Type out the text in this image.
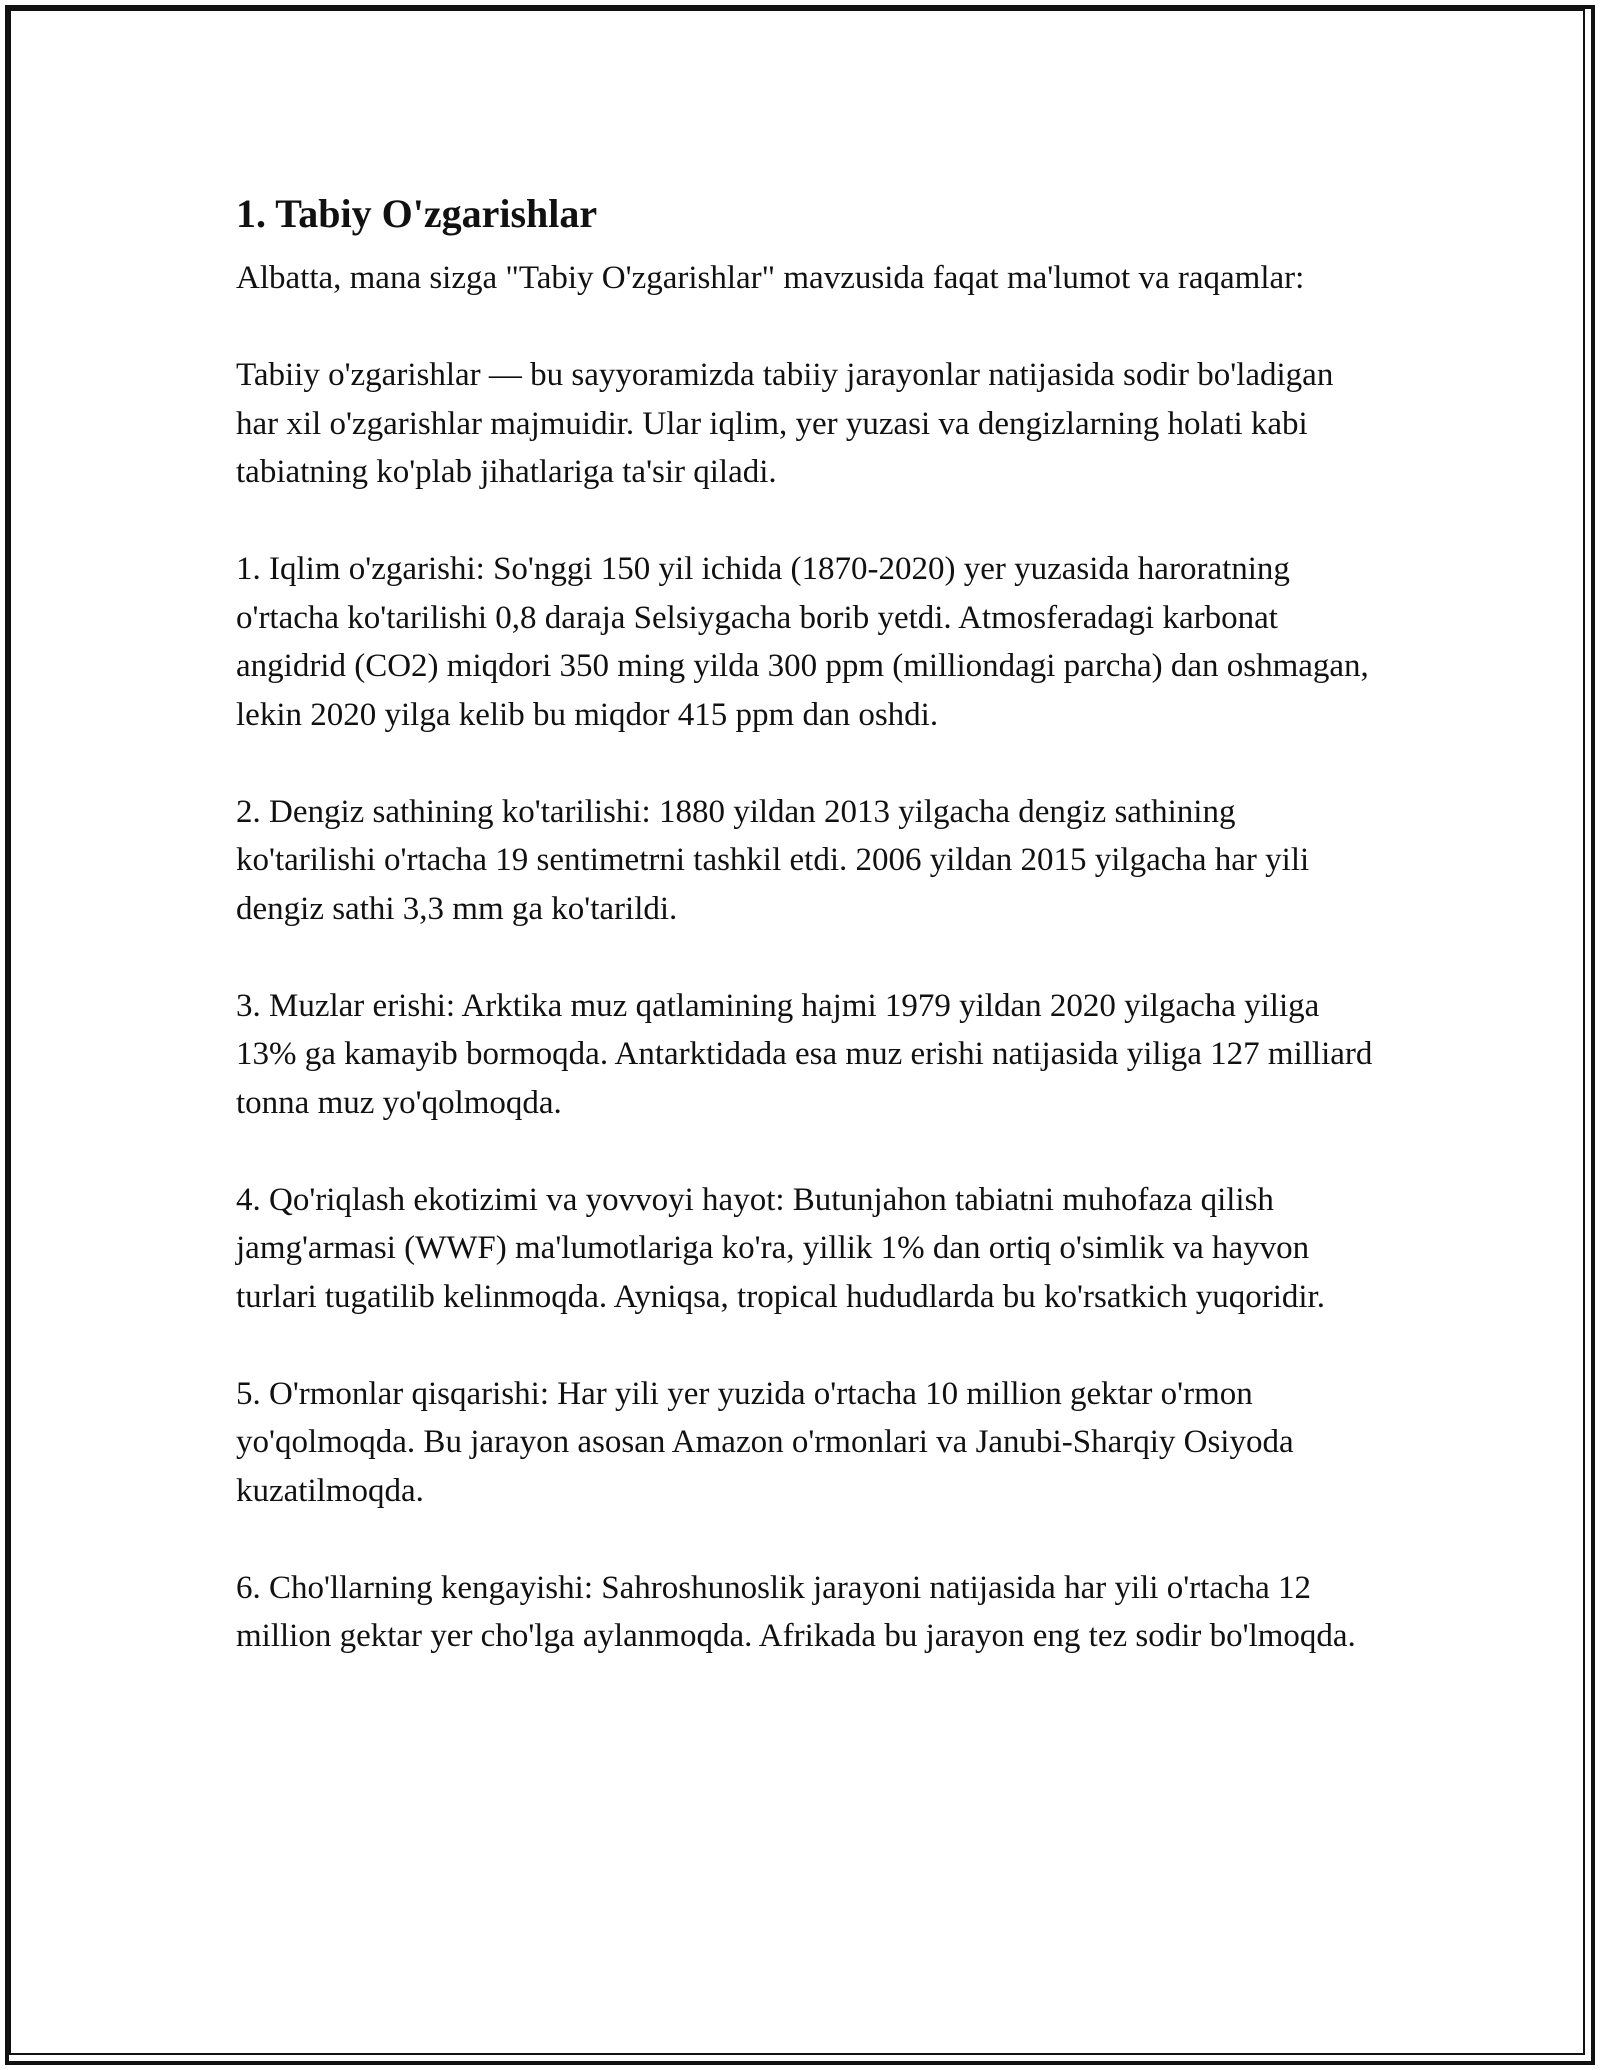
1. Tabiy O'zgarishlar

Albatta, mana sizga "Tabiy O'zgarishlar" mavzusida faqat ma'lumot va raqamlar:

Tabiiy o'zgarishlar — bu sayyoramizda tabiiy jarayonlar natijasida sodir bo'ladigan har xil o'zgarishlar majmuidir. Ular iqlim, yer yuzasi va dengizlarning holati kabi tabiatning ko'plab jihatlariga ta'sir qiladi.

1. Iqlim o'zgarishi: So'nggi 150 yil ichida (1870-2020) yer yuzasida haroratning o'rtacha ko'tarilishi 0,8 daraja Selsiygacha borib yetdi. Atmosferadagi karbonat angidrid (CO2) miqdori 350 ming yilda 300 ppm (milliondagi parcha) dan oshmagan, lekin 2020 yilga kelib bu miqdor 415 ppm dan oshdi.

2. Dengiz sathining ko'tarilishi: 1880 yildan 2013 yilgacha dengiz sathining ko'tarilishi o'rtacha 19 sentimetrni tashkil etdi. 2006 yildan 2015 yilgacha har yili dengiz sathi 3,3 mm ga ko'tarildi.

3. Muzlar erishi: Arktika muz qatlamining hajmi 1979 yildan 2020 yilgacha yiliga 13% ga kamayib bormoqda. Antarktidada esa muz erishi natijasida yiliga 127 milliard tonna muz yo'qolmoqda.

4. Qo'riqlash ekotizimi va yovvoyi hayot: Butunjahon tabiatni muhofaza qilish jamg'armasi (WWF) ma'lumotlariga ko'ra, yillik 1% dan ortiq o'simlik va hayvon turlari tugatilib kelinmoqda. Ayniqsa, tropical hududlarda bu ko'rsatkich yuqoridir.

5. O'rmonlar qisqarishi: Har yili yer yuzida o'rtacha 10 million gektar o'rmon yo'qolmoqda. Bu jarayon asosan Amazon o'rmonlari va Janubi-Sharqiy Osiyoda kuzatilmoqda.

6. Cho'llarning kengayishi: Sahroshunoslik jarayoni natijasida har yili o'rtacha 12 million gektar yer cho'lga aylanmoqda. Afrikada bu jarayon eng tez sodir bo'lmoqda.
